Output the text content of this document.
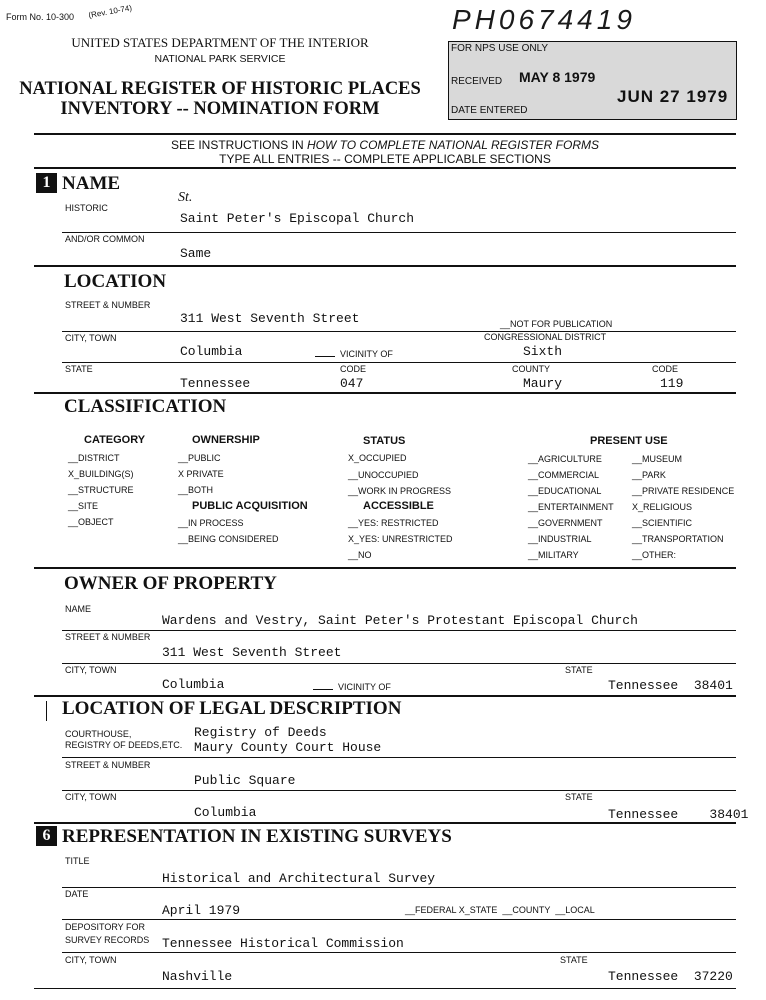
Form No. 10-300 (Rev. 10-74)
UNITED STATES DEPARTMENT OF THE INTERIOR
NATIONAL PARK SERVICE
NATIONAL REGISTER OF HISTORIC PLACES
INVENTORY -- NOMINATION FORM
PH0674419
FOR NPS USE ONLY
RECEIVED MAY 8 1979
JUN 27 1979
DATE ENTERED
SEE INSTRUCTIONS IN HOW TO COMPLETE NATIONAL REGISTER FORMS
TYPE ALL ENTRIES -- COMPLETE APPLICABLE SECTIONS
1 NAME
HISTORIC
St.
Saint Peter's Episcopal Church
AND/OR COMMON
Same
LOCATION
STREET & NUMBER
311 West Seventh Street	__NOT FOR PUBLICATION
CITY, TOWN
Columbia	VICINITY OF
CONGRESSIONAL DISTRICT
Sixth
STATE
Tennessee
CODE
047
COUNTY
Maury
CODE
119
CLASSIFICATION
CATEGORY
__DISTRICT
X_BUILDING(S)
__STRUCTURE
__SITE
__OBJECT
OWNERSHIP
__PUBLIC
X PRIVATE
__BOTH
PUBLIC ACQUISITION
__IN PROCESS
__BEING CONSIDERED
STATUS
X_OCCUPIED
__UNOCCUPIED
__WORK IN PROGRESS
ACCESSIBLE
__YES: RESTRICTED
X_YES: UNRESTRICTED
__NO
PRESENT USE
__AGRICULTURE
__COMMERCIAL
__EDUCATIONAL
__ENTERTAINMENT
__GOVERNMENT
__INDUSTRIAL
__MILITARY
__MUSEUM
__PARK
__PRIVATE RESIDENCE
X_RELIGIOUS
__SCIENTIFIC
__TRANSPORTATION
__OTHER:
OWNER OF PROPERTY
NAME
Wardens and Vestry, Saint Peter's Protestant Episcopal Church
STREET & NUMBER
311 West Seventh Street
CITY, TOWN
Columbia	VICINITY OF
STATE
Tennessee  38401
LOCATION OF LEGAL DESCRIPTION
COURTHOUSE,
REGISTRY OF DEEDS,ETC.
Registry of Deeds
Maury County Court House
STREET & NUMBER
Public Square
CITY, TOWN
Columbia
STATE
Tennessee    38401
6 REPRESENTATION IN EXISTING SURVEYS
TITLE
Historical and Architectural Survey
DATE
April 1979	__FEDERAL X_STATE  __COUNTY  __LOCAL
DEPOSITORY FOR
SURVEY RECORDS Tennessee Historical Commission
CITY, TOWN
Nashville
STATE
Tennessee  37220
